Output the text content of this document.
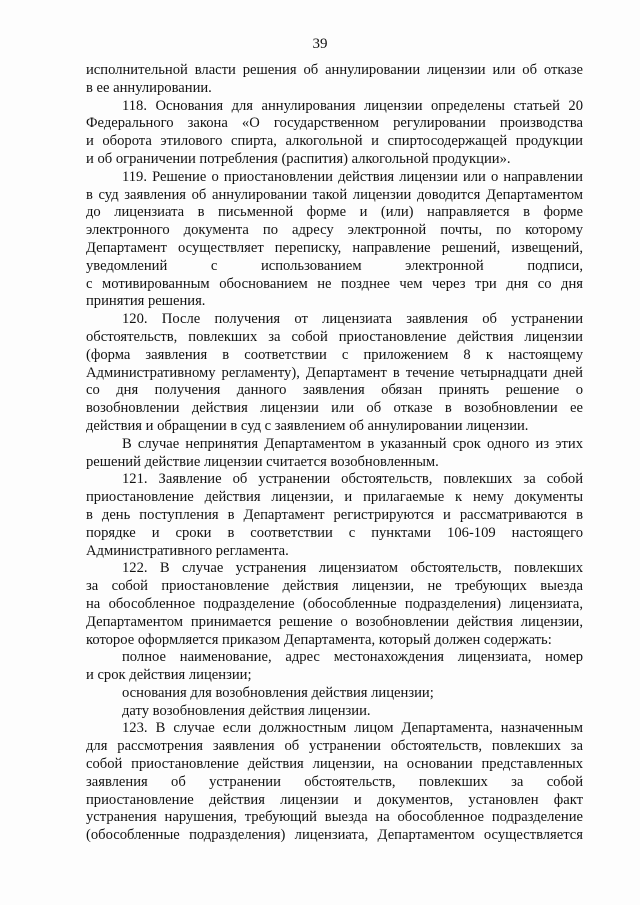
39
исполнительной власти решения об аннулировании лицензии или об отказе
в ее аннулировании.
118. Основания для аннулирования лицензии определены статьей 20
Федерального закона «О государственном регулировании производства
и оборота этилового спирта, алкогольной и спиртосодержащей продукции
и об ограничении потребления (распития) алкогольной продукции».
119. Решение о приостановлении действия лицензии или о направлении
в суд заявления об аннулировании такой лицензии доводится Департаментом
до лицензиата в письменной форме и (или) направляется в форме
электронного документа по адресу электронной почты, по которому
Департамент осуществляет переписку, направление решений, извещений,
уведомлений с использованием электронной подписи,
с мотивированным обоснованием не позднее чем через три дня со дня
принятия решения.
120. После получения от лицензиата заявления об устранении
обстоятельств, повлекших за собой приостановление действия лицензии
(форма заявления в соответствии с приложением 8 к настоящему
Административному регламенту), Департамент в течение четырнадцати дней
со дня получения данного заявления обязан принять решение о
возобновлении действия лицензии или об отказе в возобновлении ее
действия и обращении в суд с заявлением об аннулировании лицензии.
В случае непринятия Департаментом в указанный срок одного из этих
решений действие лицензии считается возобновленным.
121. Заявление об устранении обстоятельств, повлекших за собой
приостановление действия лицензии, и прилагаемые к нему документы
в день поступления в Департамент регистрируются и рассматриваются в
порядке и сроки в соответствии с пунктами 106-109 настоящего
Административного регламента.
122. В случае устранения лицензиатом обстоятельств, повлекших
за собой приостановление действия лицензии, не требующих выезда
на обособленное подразделение (обособленные подразделения) лицензиата,
Департаментом принимается решение о возобновлении действия лицензии,
которое оформляется приказом Департамента, который должен содержать:
полное наименование, адрес местонахождения лицензиата, номер
и срок действия лицензии;
основания для возобновления действия лицензии;
дату возобновления действия лицензии.
123. В случае если должностным лицом Департамента, назначенным
для рассмотрения заявления об устранении обстоятельств, повлекших за
собой приостановление действия лицензии, на основании представленных
заявления об устранении обстоятельств, повлекших за собой
приостановление действия лицензии и документов, установлен факт
устранения нарушения, требующий выезда на обособленное подразделение
(обособленные подразделения) лицензиата, Департаментом осуществляется
